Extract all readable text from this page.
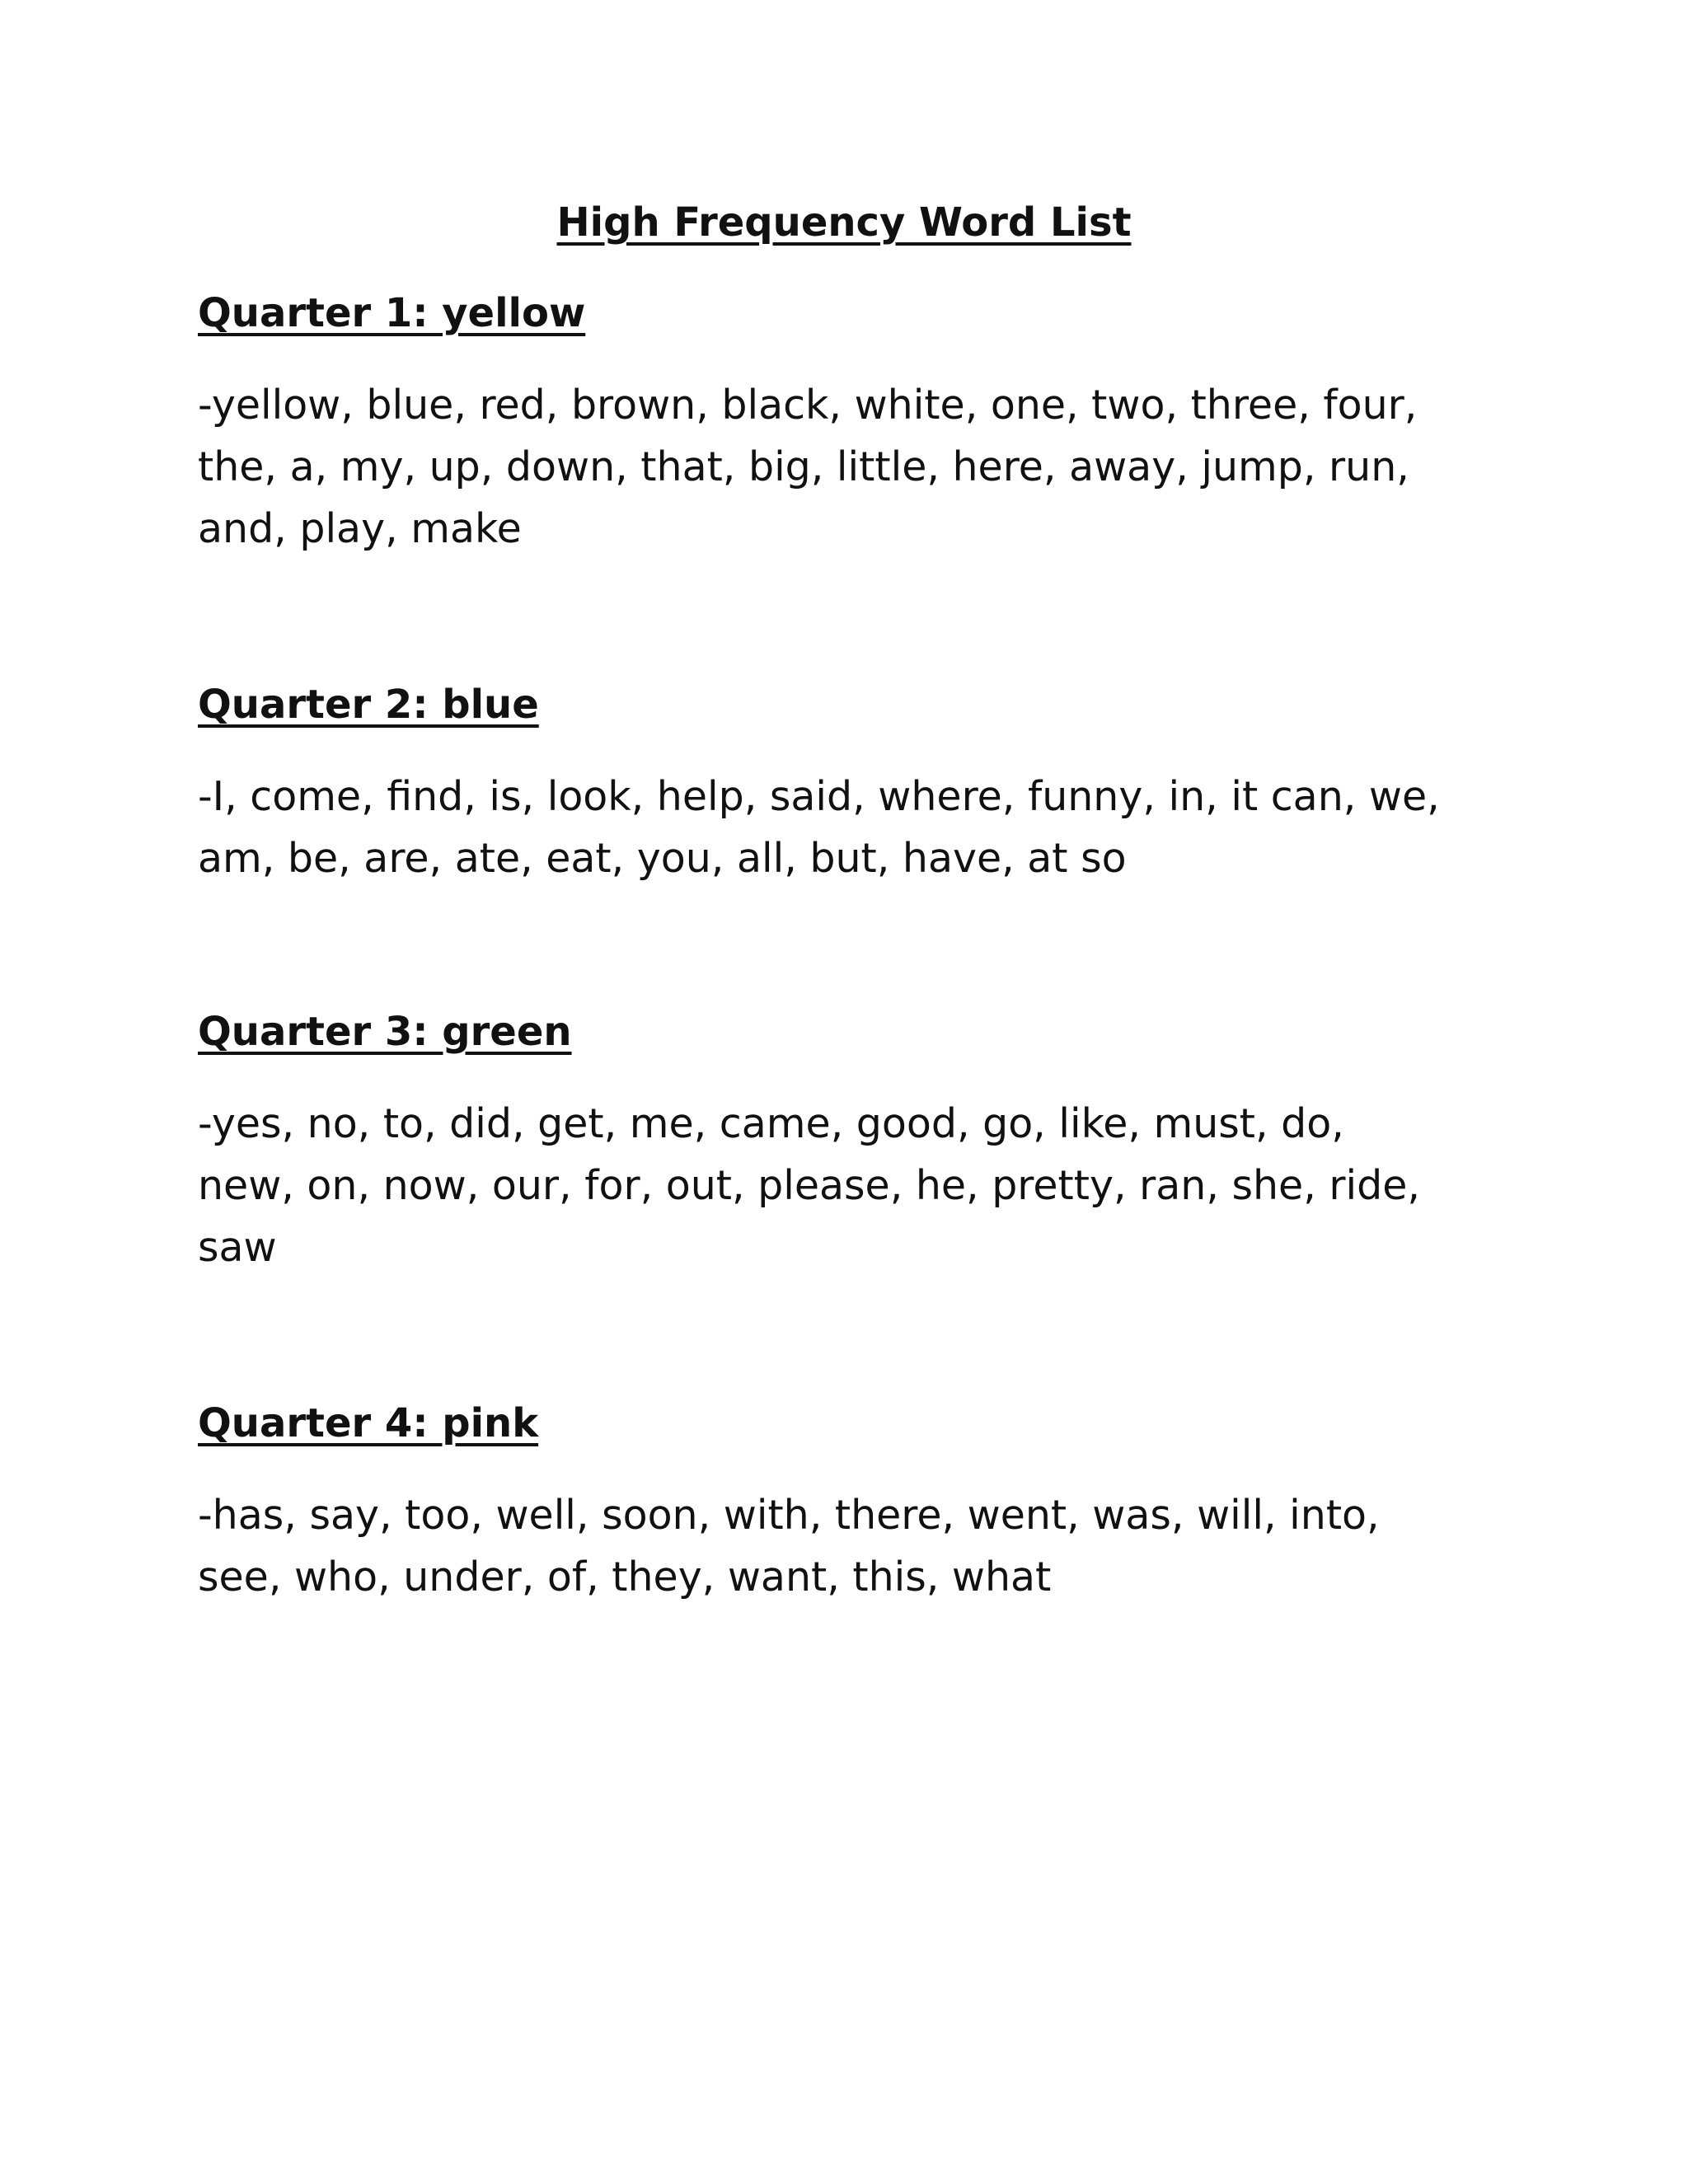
High Frequency Word List
Quarter 1: yellow

-yellow, blue, red, brown, black, white, one, two, three, four,
the, a, my, up, down, that, big, little, here, away, jump, run,
and, play, make

Quarter 2: blue

-I, come, find, is, look, help, said, where, funny, in, it can, we,
am, be, are, ate, eat, you, all, but, have, at so

Quarter 3: green

-yes, no, to, did, get, me, came, good, go, like, must, do,
new, on, now, our, for, out, please, he, pretty, ran, she, ride,
saw

Quarter 4: pink

-has, say, too, well, soon, with, there, went, was, will, into,
see, who, under, of, they, want, this, what
